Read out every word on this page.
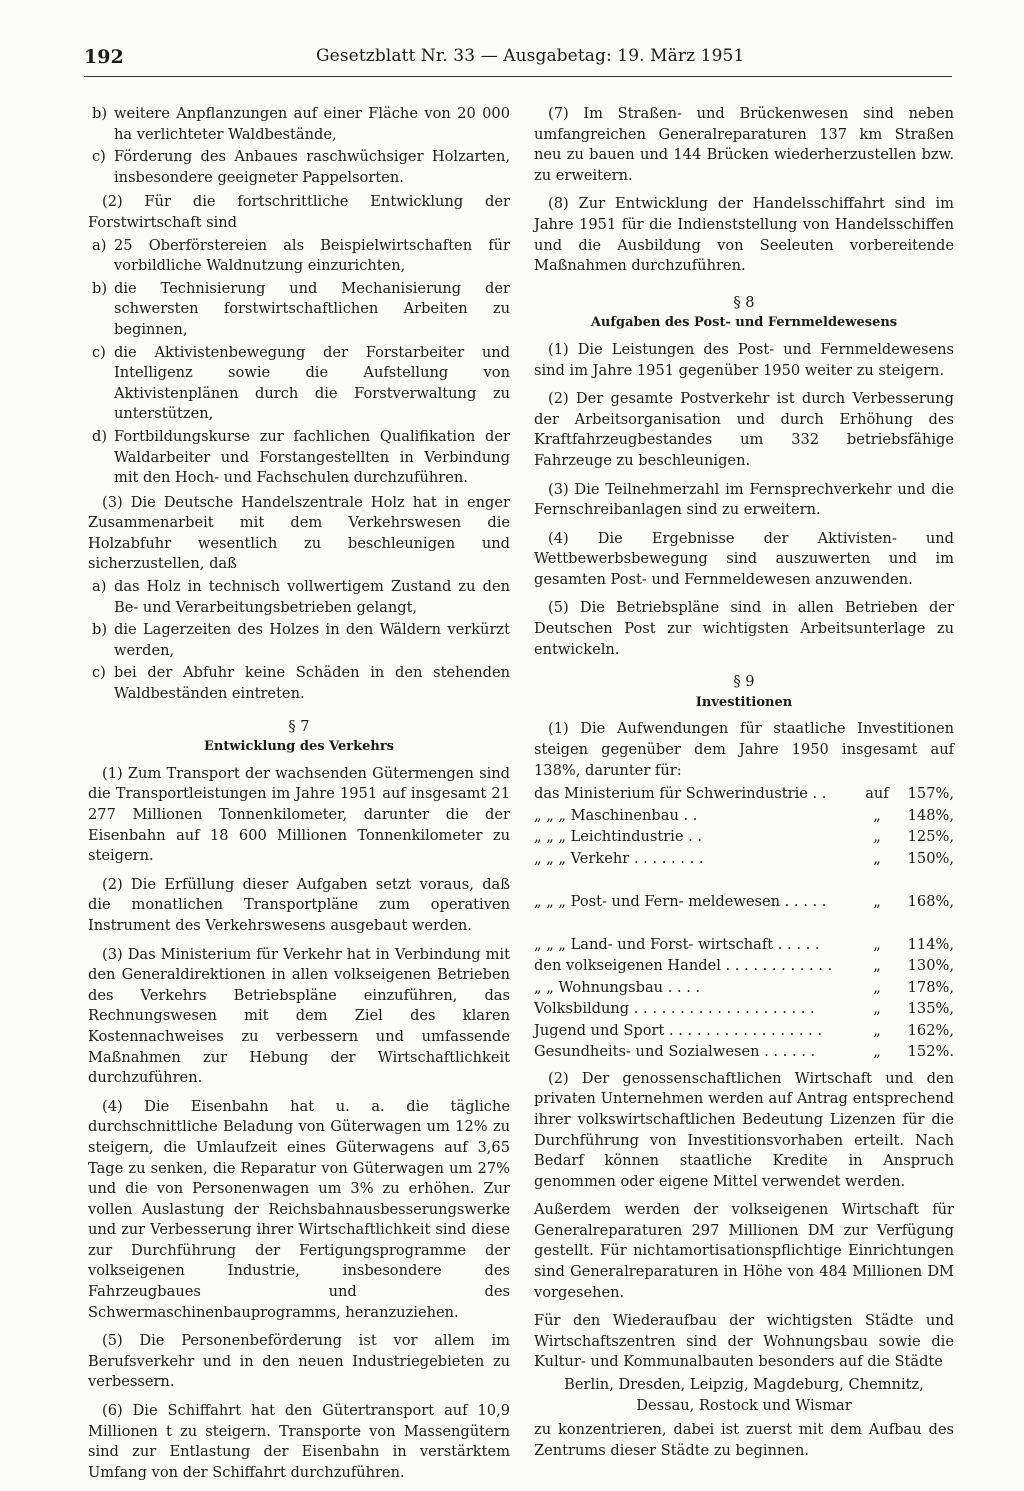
192	Gesetzblatt Nr. 33 — Ausgabetag: 19. März 1951
b) weitere Anpflanzungen auf einer Fläche von 20 000 ha verlichteter Waldbestände,
c) Förderung des Anbaues raschwüchsiger Holzarten, insbesondere geeigneter Pappelsorten.

(2) Für die fortschrittliche Entwicklung der Forstwirtschaft sind

a) 25 Oberförstereien als Beispielwirtschaften für vorbildliche Waldnutzung einzurichten,
b) die Technisierung und Mechanisierung der schwersten forstwirtschaftlichen Arbeiten zu beginnen,
c) die Aktivistenbewegung der Forstarbeiter und Intelligenz sowie die Aufstellung von Aktivistenplänen durch die Forstverwaltung zu unterstützen,
d) Fortbildungskurse zur fachlichen Qualifikation der Waldarbeiter und Forstangestellten in Verbindung mit den Hoch- und Fachschulen durchzuführen.

(3) Die Deutsche Handelszentrale Holz hat in enger Zusammenarbeit mit dem Verkehrswesen die Holzabfuhr wesentlich zu beschleunigen und sicherzustellen, daß

a) das Holz in technisch vollwertigem Zustand zu den Be- und Verarbeitungsbetrieben gelangt,
b) die Lagerzeiten des Holzes in den Wäldern verkürzt werden,
c) bei der Abfuhr keine Schäden in den stehenden Waldbeständen eintreten.

§ 7

Entwicklung des Verkehrs

(1) Zum Transport der wachsenden Gütermengen sind die Transportleistungen im Jahre 1951 auf insgesamt 21 277 Millionen Tonnenkilometer, darunter die der Eisenbahn auf 18 600 Millionen Tonnenkilometer zu steigern.

(2) Die Erfüllung dieser Aufgaben setzt voraus, daß die monatlichen Transportpläne zum operativen Instrument des Verkehrswesens ausgebaut werden.

(3) Das Ministerium für Verkehr hat in Verbindung mit den Generaldirektionen in allen volkseigenen Betrieben des Verkehrs Betriebspläne einzuführen, das Rechnungswesen mit dem Ziel des klaren Kostennachweises zu verbessern und umfassende Maßnahmen zur Hebung der Wirtschaftlichkeit durchzuführen.

(4) Die Eisenbahn hat u. a. die tägliche durchschnittliche Beladung von Güterwagen um 12% zu steigern, die Umlaufzeit eines Güterwagens auf 3,65 Tage zu senken, die Reparatur von Güterwagen um 27% und die von Personenwagen um 3% zu erhöhen. Zur vollen Auslastung der Reichsbahnausbesserungswerke und zur Verbesserung ihrer Wirtschaftlichkeit sind diese zur Durchführung der Fertigungsprogramme der volkseigenen Industrie, insbesondere des Fahrzeugbaues und des Schwermaschinenbauprogramms, heranzuziehen.

(5) Die Personenbeförderung ist vor allem im Berufsverkehr und in den neuen Industriegebieten zu verbessern.

(6) Die Schiffahrt hat den Gütertransport auf 10,9 Millionen t zu steigern. Transporte von Massengütern sind zur Entlastung der Eisenbahn in verstärktem Umfang von der Schiffahrt durchzuführen.

(7) Im Straßen- und Brückenwesen sind neben umfangreichen Generalreparaturen 137 km Straßen neu zu bauen und 144 Brücken wiederherzustellen bzw. zu erweitern.

(8) Zur Entwicklung der Handelsschiffahrt sind im Jahre 1951 für die Indienststellung von Handelsschiffen und die Ausbildung von Seeleuten vorbereitende Maßnahmen durchzuführen.

§ 8

Aufgaben des Post- und Fernmeldewesens

(1) Die Leistungen des Post- und Fernmeldewesens sind im Jahre 1951 gegenüber 1950 weiter zu steigern.

(2) Der gesamte Postverkehr ist durch Verbesserung der Arbeitsorganisation und durch Erhöhung des Kraftfahrzeugbestandes um 332 betriebsfähige Fahrzeuge zu beschleunigen.

(3) Die Teilnehmerzahl im Fernsprechverkehr und die Fernschreibanlagen sind zu erweitern.

(4) Die Ergebnisse der Aktivisten- und Wettbewerbsbewegung sind auszuwerten und im gesamten Post- und Fernmeldewesen anzuwenden.

(5) Die Betriebspläne sind in allen Betrieben der Deutschen Post zur wichtigsten Arbeitsunterlage zu entwickeln.

§ 9

Investitionen

(1) Die Aufwendungen für staatliche Investitionen steigen gegenüber dem Jahre 1950 insgesamt auf 138%, darunter für:

das Ministerium für Schwerindustrie . .	auf	157%,
„ „ „ Maschinenbau . .	„	148%,
„ „ „ Leichtindustrie . .	„	125%,
„ „ „ Verkehr . . . . . . . .	„	150%,
„ „ „ Post- und Fern- meldewesen . . . . .	„	168%,
„ „ „ Land- und Forst- wirtschaft . . . . .	„	114%,
den volkseigenen Handel . . . . . . . . . . . .	„	130%,
„ „ Wohnungsbau . . . .	„	178%,
Volksbildung . . . . . . . . . . . . . . . . . . . .	„	135%,
Jugend und Sport . . . . . . . . . . . . . . . . .	„	162%,
Gesundheits- und Sozialwesen . . . . . .	„	152%.

(2) Der genossenschaftlichen Wirtschaft und den privaten Unternehmen werden auf Antrag entsprechend ihrer volkswirtschaftlichen Bedeutung Lizenzen für die Durchführung von Investitionsvorhaben erteilt. Nach Bedarf können staatliche Kredite in Anspruch genommen oder eigene Mittel verwendet werden.

Außerdem werden der volkseigenen Wirtschaft für Generalreparaturen 297 Millionen DM zur Verfügung gestellt. Für nichtamortisationspflichtige Einrichtungen sind Generalreparaturen in Höhe von 484 Millionen DM vorgesehen.

Für den Wiederaufbau der wichtigsten Städte und Wirtschaftszentren sind der Wohnungsbau sowie die Kultur- und Kommunalbauten besonders auf die Städte

Berlin, Dresden, Leipzig, Magdeburg, Chemnitz,

Dessau, Rostock und Wismar

zu konzentrieren, dabei ist zuerst mit dem Aufbau des Zentrums dieser Städte zu beginnen.
